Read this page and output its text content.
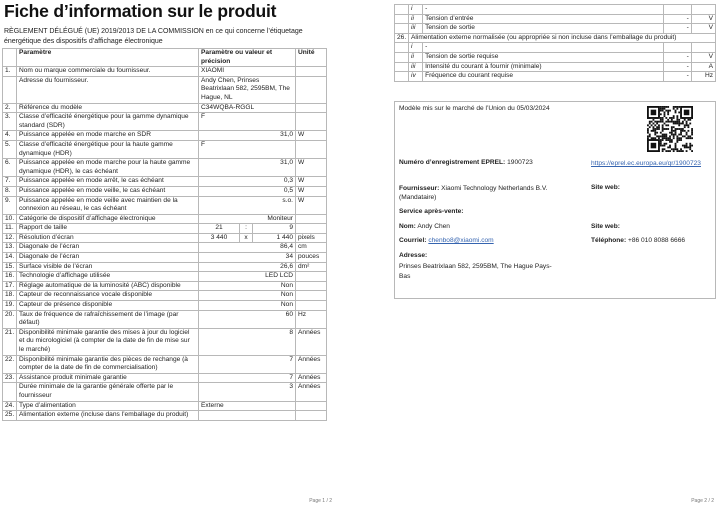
Fiche d’information sur le produit
RÈGLEMENT DÉLÉGUÉ (UE) 2019/2013 DE LA COMMISSION en ce qui concerne l’étiquetage énergétique des dispositifs d’affichage électronique
	Paramètre	Paramètre ou valeur et précision	Unité
1.	Nom ou marque commerciale du fournisseur.	XIAOMI	
	Adresse du fournisseur.	Andy Chen, Prinses Beatrixlaan 582, 2595BM, The Hague, NL	
2.	Référence du modèle	C34WQBA-RGGL	
3.	Classe d’efficacité énergétique pour la gamme dynamique standard (SDR)	F	
4.	Puissance appelée en mode marche en SDR	31,0	W
5.	Classe d’efficacité énergétique pour la haute gamme dynamique (HDR)	F	
6.	Puissance appelée en mode marche pour la haute gamme dynamique (HDR), le cas échéant	31,0	W
7.	Puissance appelée en mode arrêt, le cas échéant	0,3	W
8.	Puissance appelée en mode veille, le cas échéant	0,5	W
9.	Puissance appelée en mode veille avec maintien de la connexion au réseau, le cas échéant	s.o.	W
10.	Catégorie de dispositif d’affichage électronique	Moniteur	
11.	Rapport de taille	21 : 9	

12.	Résolution d’écran	3 440 x 1 440	pixels
13.	Diagonale de l’écran	86,4	cm
14.	Diagonale de l’écran	34	pouces
15.	Surface visible de l’écran	26,6	dm²
16.	Technologie d’affichage utilisée	LED LCD	
17.	Réglage automatique de la luminosité (ABC) disponible	Non	
18.	Capteur de reconnaissance vocale disponible	Non	
19.	Capteur de présence disponible	Non	
20.	Taux de fréquence de rafraîchissement de l’image (par défaut)	60	Hz
21.	Disponibilité minimale garantie des mises à jour du logiciel et du micrologiciel (à compter de la date de fin de mise sur le marché)	8	Années
22.	Disponibilité minimale garantie des pièces de rechange (à compter de la date de fin de commercialisation)	7	Années
23.	Assistance produit minimale garantie	7	Années
	Durée minimale de la garantie générale offerte par le fournisseur	3	Années
24.	Type d’alimentation	Externe	
25.	Alimentation externe (incluse dans l’emballage du produit)		
Page 1 / 2
	i	-		
	ii	Tension d’entrée	-	V
	iii	Tension de sortie	-	V
26.	Alimentation externe normalisée (ou appropriée si non incluse dans l’emballage du produit)			
	i	-		
	ii	Tension de sortie requise	-	V
	iii	Intensité du courant à fournir (minimale)	-	A
	iv	Fréquence du courant requise	-	Hz
Modèle mis sur le marché de l’Union du 05/03/2024
Numéro d’enregistrement EPREL: 1900723	https://eprel.ec.europa.eu/qr/1900723
Fournisseur: Xiaomi Technology Netherlands B.V. (Mandataire)
Site web:
Service après-vente:
Nom: Andy Chen	Site web:
Courriel: chenbo8@xiaomi.com	Téléphone: +86 010 8088 6666
Adresse:
Prinses Beatrixlaan 582, 2595BM, The Hague Pays-Bas
Page 2 / 2
